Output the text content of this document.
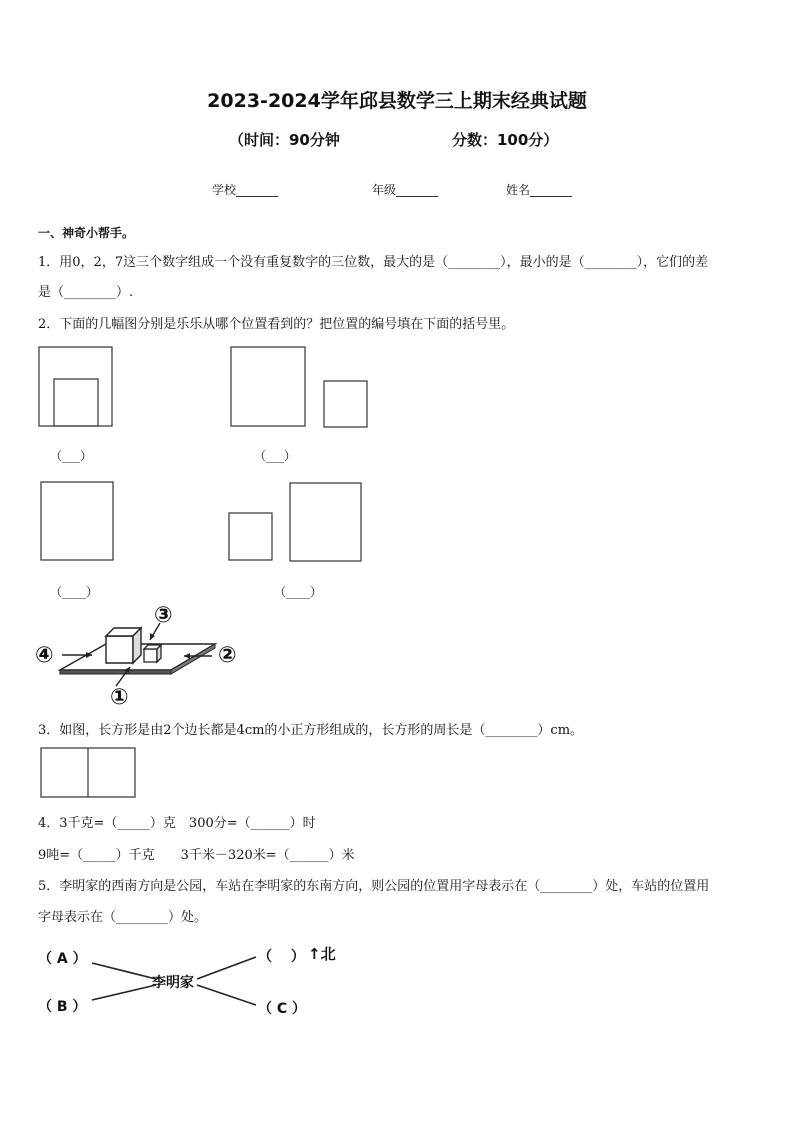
2023-2024学年邱县数学三上期末经典试题
（时间：90分钟	分数：100分）
学校_______	年级_______	姓名_______
一、神奇小帮手。
1．用0，2，7这三个数字组成一个没有重复数字的三位数，最大的是（________），最小的是（________），它们的差
是（________）.
2．下面的几幅图分别是乐乐从哪个位置看到的？把位置的编号填在下面的括号里。
（___）	（___）
（____）	（____）
③
④	②
①
3．如图，长方形是由2个边长都是4cm的小正方形组成的，长方形的周长是（________）cm。
4．3千克=（_____）克　300分=（______）时
9吨=（_____）千克　　3千米－320米=（______）米
5．李明家的西南方向是公园，车站在李明家的东南方向，则公园的位置用字母表示在（________）处，车站的位置用
字母表示在（________）处。
李明家
（ A ）
（ B ）	（ C ）
（　 ） ↑北
